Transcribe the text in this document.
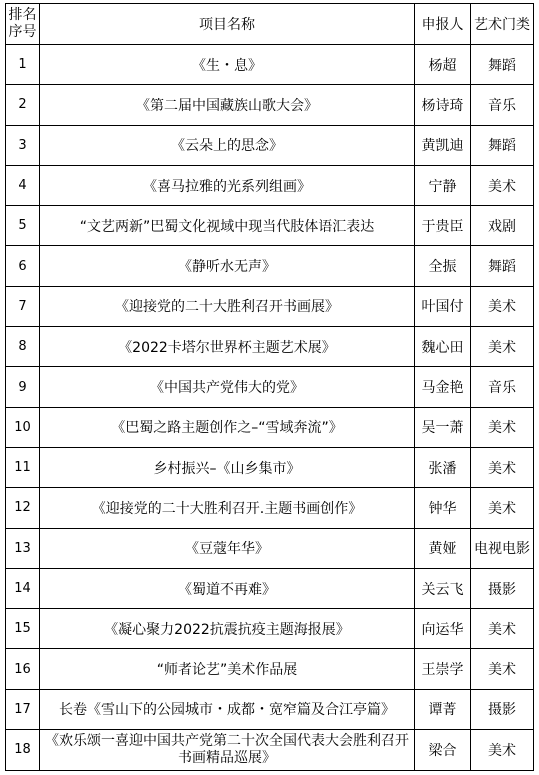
排名序号	项目名称	申报人	艺术门类
1	《生・息》	杨超	舞蹈
2	《第二届中国藏族山歌大会》	杨诗琦	音乐
3	《云朵上的思念》	黄凯迪	舞蹈
4	《喜马拉雅的光系列组画》	宁静	美术
5	“文艺两新”巴蜀文化视域中现当代肢体语汇表达	于贵臣	戏剧
6	《静听水无声》	全振	舞蹈
7	《迎接党的二十大胜利召开书画展》	叶国付	美术
8	《2022卡塔尔世界杯主题艺术展》	魏心田	美术
9	《中国共产党伟大的党》	马金艳	音乐
10	《巴蜀之路主题创作之–“雪域奔流”》	吴一萧	美术
11	乡村振兴–《山乡集市》	张潘	美术
12	《迎接党的二十大胜利召开.主题书画创作》	钟华	美术
13	《豆蔻年华》	黄娅	电视电影
14	《蜀道不再难》	关云飞	摄影
15	《凝心聚力2022抗震抗疫主题海报展》	向运华	美术
16	“师者论艺”美术作品展	王崇学	美术
17	长卷《雪山下的公园城市・成都・宽窄篇及合江亭篇》	谭菁	摄影
18	《欢乐颂一喜迎中国共产党第二十次全国代表大会胜利召开书画精品巡展》	梁合	美术
